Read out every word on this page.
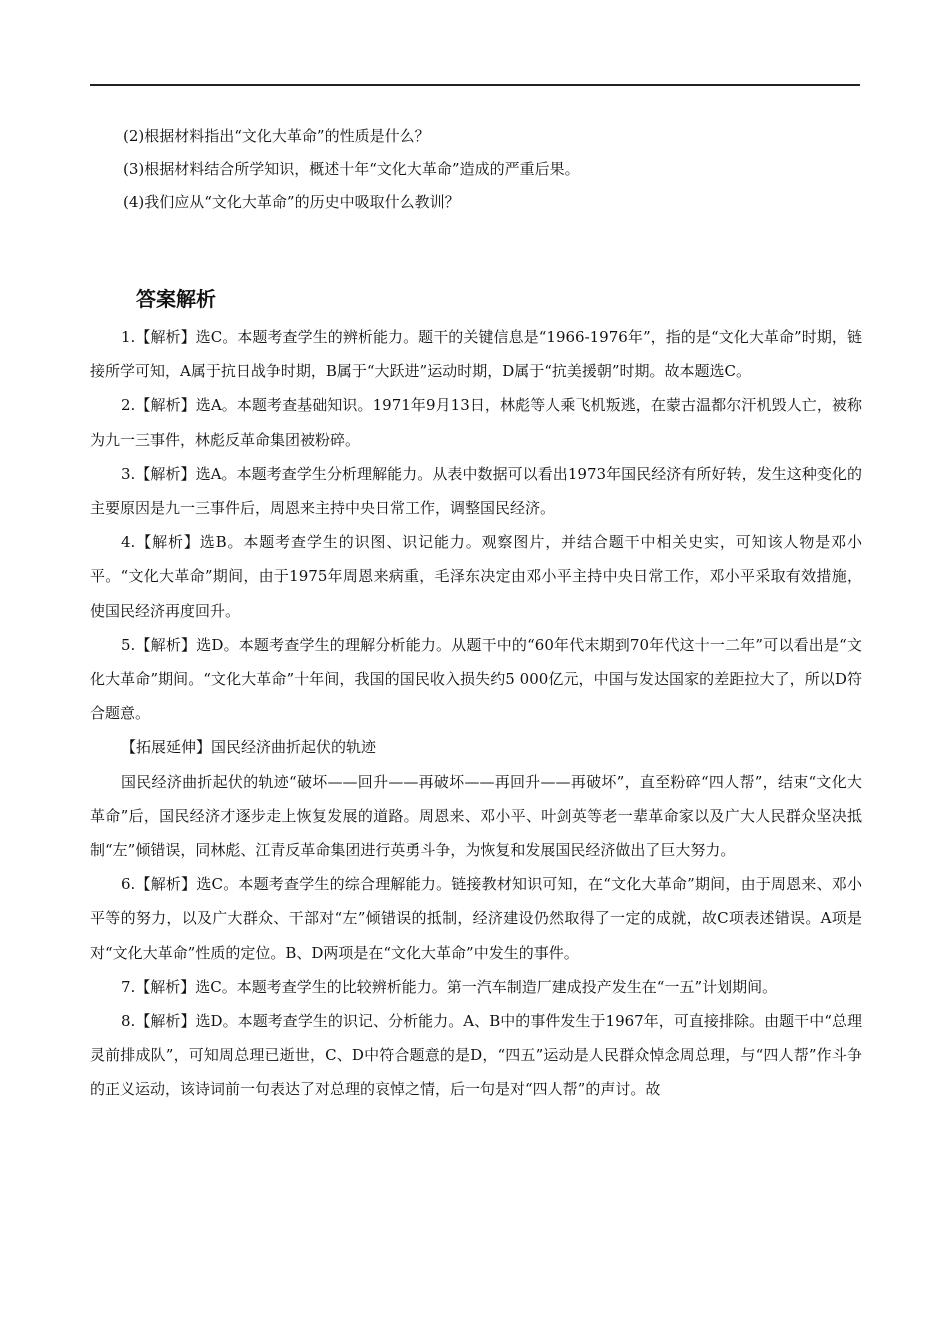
(2)根据材料指出“文化大革命”的性质是什么？
(3)根据材料结合所学知识，概述十年“文化大革命”造成的严重后果。
(4)我们应从“文化大革命”的历史中吸取什么教训？
答案解析

1.【解析】选C。本题考查学生的辨析能力。题干的关键信息是“1966-1976年”，指的是“文化大革命”时期，链接所学可知，A属于抗日战争时期，B属于“大跃进”运动时期，D属于“抗美援朝”时期。故本题选C。

2.【解析】选A。本题考查基础知识。1971年9月13日，林彪等人乘飞机叛逃，在蒙古温都尔汗机毁人亡，被称为九一三事件，林彪反革命集团被粉碎。

3.【解析】选A。本题考查学生分析理解能力。从表中数据可以看出1973年国民经济有所好转，发生这种变化的主要原因是九一三事件后，周恩来主持中央日常工作，调整国民经济。

4.【解析】选B。本题考查学生的识图、识记能力。观察图片，并结合题干中相关史实，可知该人物是邓小平。“文化大革命”期间，由于1975年周恩来病重，毛泽东决定由邓小平主持中央日常工作，邓小平采取有效措施，使国民经济再度回升。

5.【解析】选D。本题考查学生的理解分析能力。从题干中的“60年代末期到70年代这十一二年”可以看出是“文化大革命”期间。“文化大革命”十年间，我国的国民收入损失约5 000亿元，中国与发达国家的差距拉大了，所以D符合题意。

【拓展延伸】国民经济曲折起伏的轨迹

国民经济曲折起伏的轨迹“破坏——回升——再破坏——再回升——再破坏”，直至粉碎“四人帮”，结束“文化大革命”后，国民经济才逐步走上恢复发展的道路。周恩来、邓小平、叶剑英等老一辈革命家以及广大人民群众坚决抵制“左”倾错误，同林彪、江青反革命集团进行英勇斗争，为恢复和发展国民经济做出了巨大努力。

6.【解析】选C。本题考查学生的综合理解能力。链接教材知识可知，在“文化大革命”期间，由于周恩来、邓小平等的努力，以及广大群众、干部对“左”倾错误的抵制，经济建设仍然取得了一定的成就，故C项表述错误。A项是对“文化大革命”性质的定位。B、D两项是在“文化大革命”中发生的事件。

7.【解析】选C。本题考查学生的比较辨析能力。第一汽车制造厂建成投产发生在“一五”计划期间。

8.【解析】选D。本题考查学生的识记、分析能力。A、B中的事件发生于1967年，可直接排除。由题干中“总理灵前排成队”，可知周总理已逝世，C、D中符合题意的是D，“四五”运动是人民群众悼念周总理，与“四人帮”作斗争的正义运动，该诗词前一句表达了对总理的哀悼之情，后一句是对“四人帮”的声讨。故
